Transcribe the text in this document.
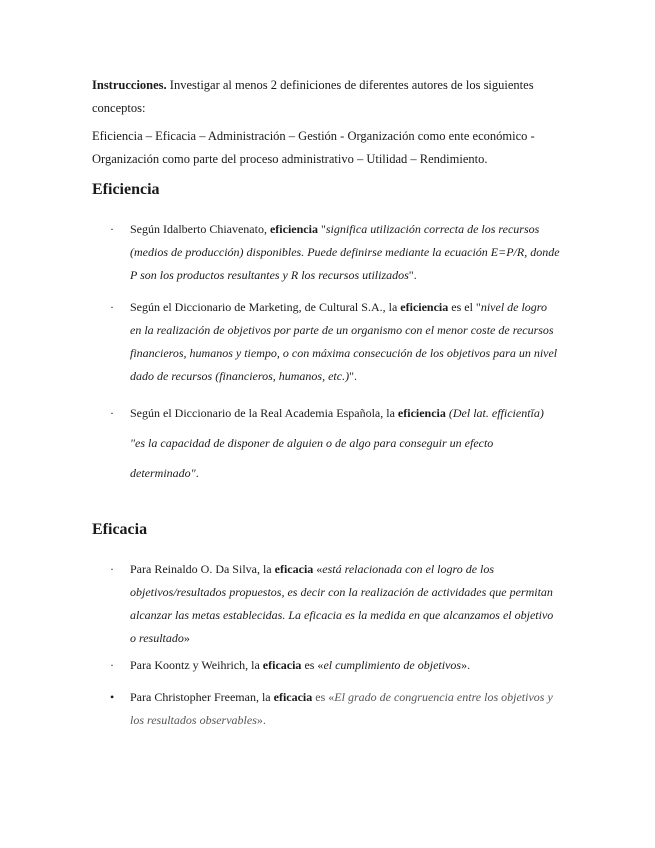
Instrucciones. Investigar al menos 2 definiciones de diferentes autores de los siguientes conceptos:
Eficiencia – Eficacia – Administración – Gestión - Organización como ente económico - Organización como parte del proceso administrativo – Utilidad – Rendimiento.
Eficiencia
·	Según Idalberto Chiavenato, eficiencia "significa utilización correcta de los recursos (medios de producción) disponibles. Puede definirse mediante la ecuación E=P/R, donde P son los productos resultantes y R los recursos utilizados".
·	Según el Diccionario de Marketing, de Cultural S.A., la eficiencia es el "nivel de logro en la realización de objetivos por parte de un organismo con el menor coste de recursos financieros, humanos y tiempo, o con máxima consecución de los objetivos para un nivel dado de recursos (financieros, humanos, etc.)".
·	Según el Diccionario de la Real Academia Española, la eficiencia (Del lat. efficientĭa) "es la capacidad de disponer de alguien o de algo para conseguir un efecto determinado".
Eficacia
·	Para Reinaldo O. Da Silva, la eficacia «está relacionada con el logro de los objetivos/resultados propuestos, es decir con la realización de actividades que permitan alcanzar las metas establecidas. La eficacia es la medida en que alcanzamos el objetivo o resultado»
·	Para Koontz y Weihrich, la eficacia es «el cumplimiento de objetivos».
•	Para Christopher Freeman, la eficacia es «El grado de congruencia entre los objetivos y los resultados observables».
